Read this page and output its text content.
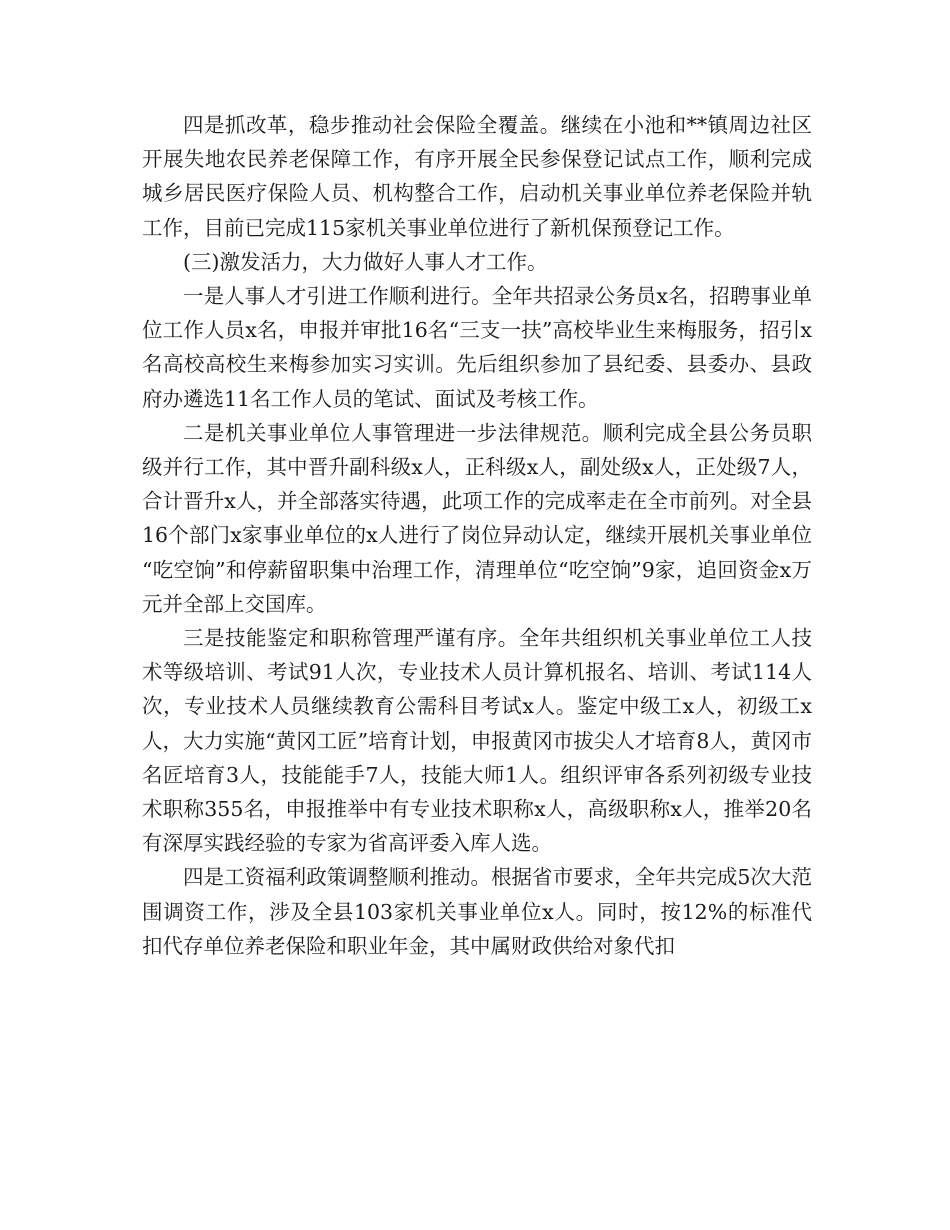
四是抓改革，稳步推动社会保险全覆盖。继续在小池和**镇周边社区开展失地农民养老保障工作，有序开展全民参保登记试点工作，顺利完成城乡居民医疗保险人员、机构整合工作，启动机关事业单位养老保险并轨工作，目前已完成115家机关事业单位进行了新机保预登记工作。

(三)激发活力，大力做好人事人才工作。

一是人事人才引进工作顺利进行。全年共招录公务员x名，招聘事业单位工作人员x名，申报并审批16名“三支一扶”高校毕业生来梅服务，招引x名高校高校生来梅参加实习实训。先后组织参加了县纪委、县委办、县政府办遴选11名工作人员的笔试、面试及考核工作。

二是机关事业单位人事管理进一步法律规范。顺利完成全县公务员职级并行工作，其中晋升副科级x人，正科级x人，副处级x人，正处级7人，合计晋升x人，并全部落实待遇，此项工作的完成率走在全市前列。对全县16个部门x家事业单位的x人进行了岗位异动认定，继续开展机关事业单位“吃空饷”和停薪留职集中治理工作，清理单位“吃空饷”9家，追回资金x万元并全部上交国库。

三是技能鉴定和职称管理严谨有序。全年共组织机关事业单位工人技术等级培训、考试91人次，专业技术人员计算机报名、培训、考试114人次，专业技术人员继续教育公需科目考试x人。鉴定中级工x人，初级工x人，大力实施“黄冈工匠”培育计划，申报黄冈市拔尖人才培育8人，黄冈市名匠培育3人，技能能手7人，技能大师1人。组织评审各系列初级专业技术职称355名，申报推举中有专业技术职称x人，高级职称x人，推举20名有深厚实践经验的专家为省高评委入库人选。

四是工资福利政策调整顺利推动。根据省市要求，全年共完成5次大范围调资工作，涉及全县103家机关事业单位x人。同时，按12%的标准代扣代存单位养老保险和职业年金，其中属财政供给对象代扣
